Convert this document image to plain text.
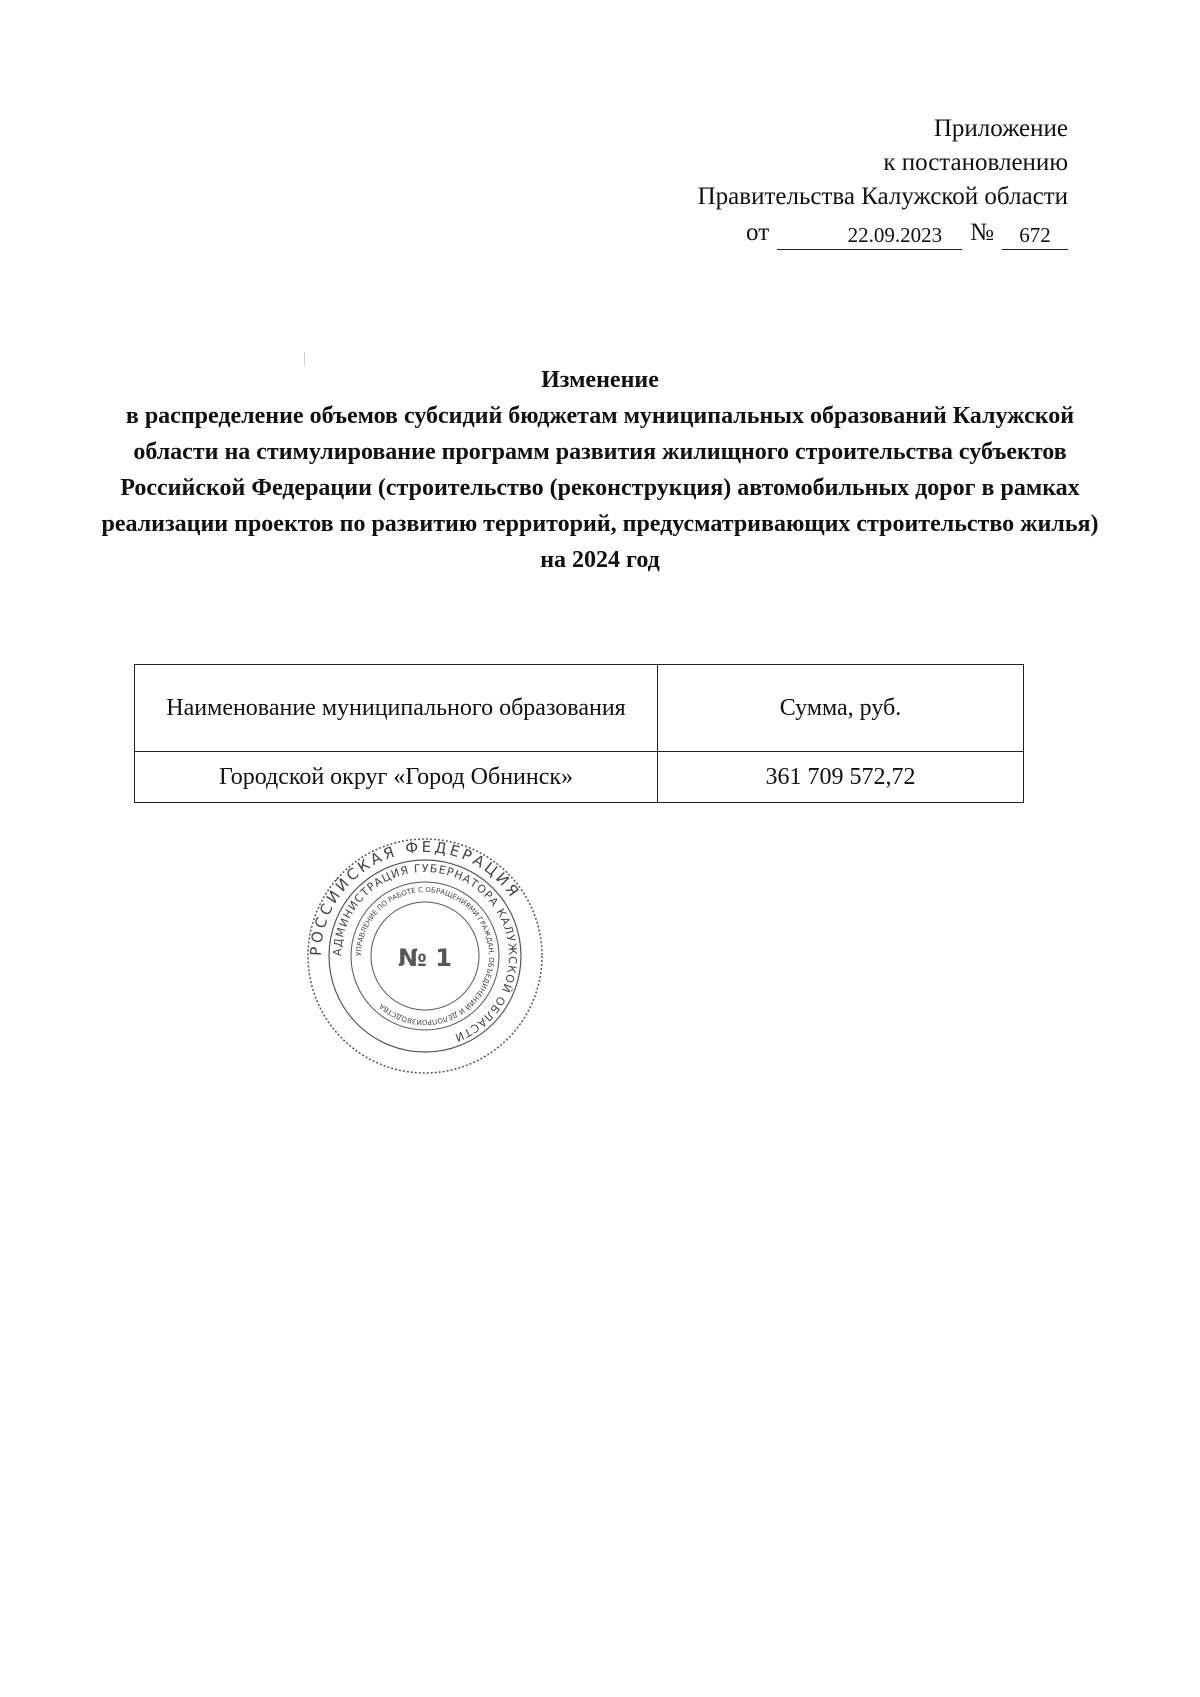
Приложение
к постановлению
Правительства Калужской области
от	22.09.2023	№	672
Изменение
в распределение объемов субсидий бюджетам муниципальных образований Калужской области на стимулирование программ развития жилищного строительства субъектов Российской Федерации (строительство (реконструкция) автомобильных дорог в рамках реализации проектов по развитию территорий, предусматривающих строительство жилья) на 2024 год
Наименование муниципального образования	Сумма, руб.
Городской округ «Город Обнинск»	361 709 572,72
РОССИЙСКАЯ ФЕДЕРАЦИЯ
АДМИНИСТРАЦИЯ ГУБЕРНАТОРА КАЛУЖСКОЙ ОБЛАСТИ
УПРАВЛЕНИЕ ПО РАБОТЕ С ОБРАЩЕНИЯМИ ГРАЖДАН, ОБЪЕДИНЕНИЙ И ДЕЛОПРОИЗВОДСТВА
№ 1
